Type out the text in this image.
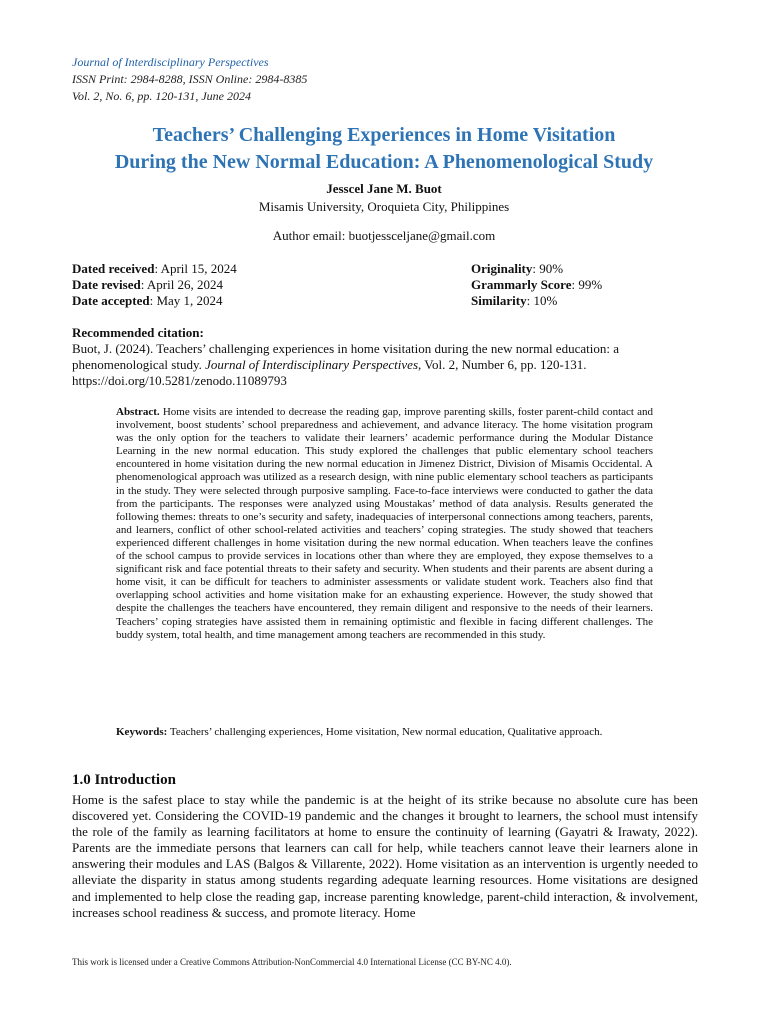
Journal of Interdisciplinary Perspectives
ISSN Print: 2984-8288, ISSN Online: 2984-8385
Vol. 2, No. 6, pp. 120-131, June 2024
Teachers’ Challenging Experiences in Home Visitation
During the New Normal Education: A Phenomenological Study
Jesscel Jane M. Buot
Misamis University, Oroquieta City, Philippines
Author email: buotjessceljane@gmail.com
Dated received: April 15, 2024
Date revised: April 26, 2024
Date accepted: May 1, 2024
Originality: 90%
Grammarly Score: 99%
Similarity: 10%
Recommended citation:
Buot, J. (2024). Teachers’ challenging experiences in home visitation during the new normal education: a phenomenological study. Journal of Interdisciplinary Perspectives, Vol. 2, Number 6, pp. 120-131.
https://doi.org/10.5281/zenodo.11089793
Abstract. Home visits are intended to decrease the reading gap, improve parenting skills, foster parent-child contact and involvement, boost students’ school preparedness and achievement, and advance literacy. The home visitation program was the only option for the teachers to validate their learners’ academic performance during the Modular Distance Learning in the new normal education. This study explored the challenges that public elementary school teachers encountered in home visitation during the new normal education in Jimenez District, Division of Misamis Occidental. A phenomenological approach was utilized as a research design, with nine public elementary school teachers as participants in the study. They were selected through purposive sampling. Face-to-face interviews were conducted to gather the data from the participants. The responses were analyzed using Moustakas’ method of data analysis. Results generated the following themes: threats to one’s security and safety, inadequacies of interpersonal connections among teachers, parents, and learners, conflict of other school-related activities and teachers’ coping strategies. The study showed that teachers experienced different challenges in home visitation during the new normal education. When teachers leave the confines of the school campus to provide services in locations other than where they are employed, they expose themselves to a significant risk and face potential threats to their safety and security. When students and their parents are absent during a home visit, it can be difficult for teachers to administer assessments or validate student work. Teachers also find that overlapping school activities and home visitation make for an exhausting experience. However, the study showed that despite the challenges the teachers have encountered, they remain diligent and responsive to the needs of their learners. Teachers’ coping strategies have assisted them in remaining optimistic and flexible in facing different challenges. The buddy system, total health, and time management among teachers are recommended in this study.
Keywords: Teachers’ challenging experiences, Home visitation, New normal education, Qualitative approach.
1.0 Introduction
Home is the safest place to stay while the pandemic is at the height of its strike because no absolute cure has been discovered yet. Considering the COVID-19 pandemic and the changes it brought to learners, the school must intensify the role of the family as learning facilitators at home to ensure the continuity of learning (Gayatri & Irawaty, 2022). Parents are the immediate persons that learners can call for help, while teachers cannot leave their learners alone in answering their modules and LAS (Balgos & Villarente, 2022). Home visitation as an intervention is urgently needed to alleviate the disparity in status among students regarding adequate learning resources. Home visitations are designed and implemented to help close the reading gap, increase parenting knowledge, parent-child interaction, & involvement, increases school readiness & success, and promote literacy. Home
This work is licensed under a Creative Commons Attribution-NonCommercial 4.0 International License (CC BY-NC 4.0).
